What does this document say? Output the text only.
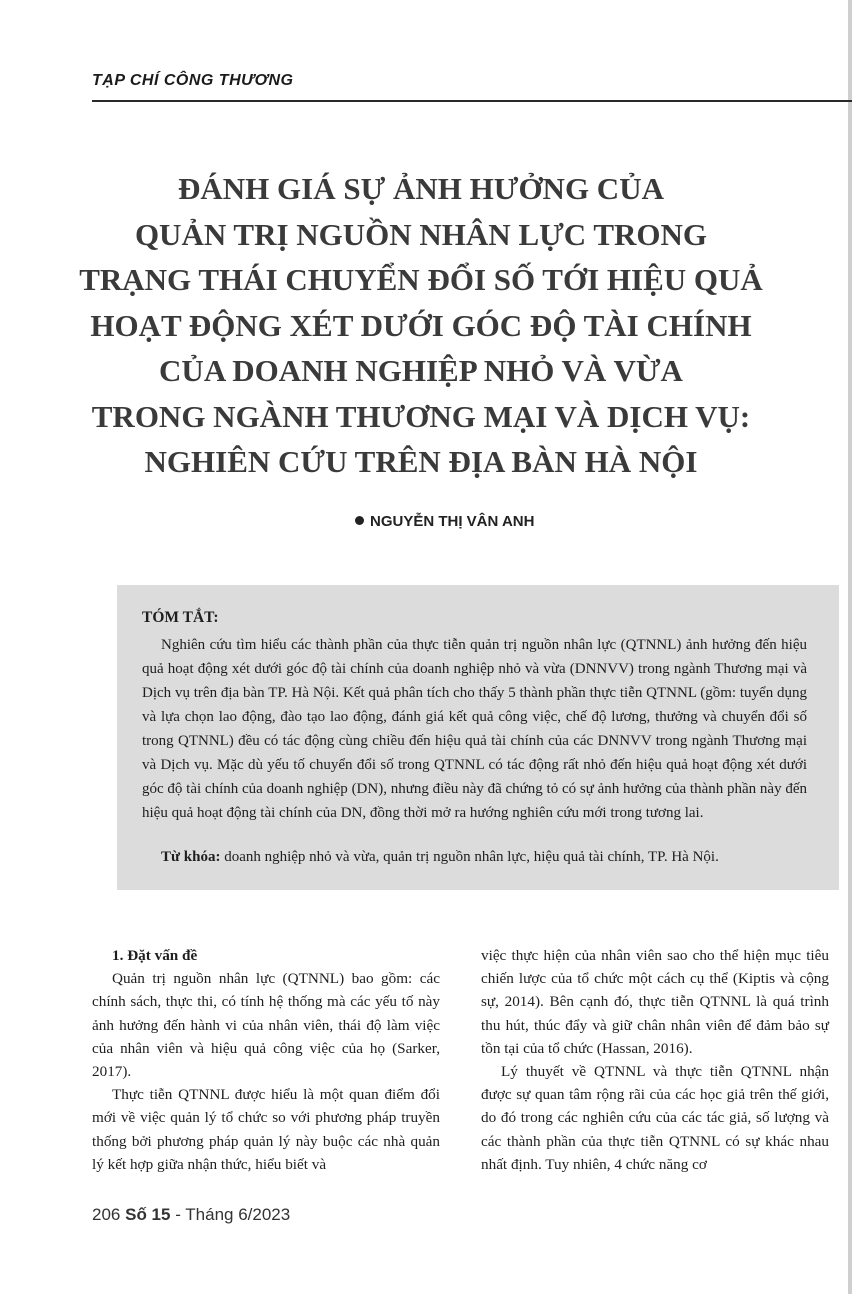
TẠP CHÍ CÔNG THƯƠNG
ĐÁNH GIÁ SỰ ẢNH HƯỞNG CỦA
QUẢN TRỊ NGUỒN NHÂN LỰC TRONG
TRẠNG THÁI CHUYỂN ĐỔI SỐ TỚI HIỆU QUẢ
HOẠT ĐỘNG XÉT DƯỚI GÓC ĐỘ TÀI CHÍNH
CỦA DOANH NGHIỆP NHỎ VÀ VỪA
TRONG NGÀNH THƯƠNG MẠI VÀ DỊCH VỤ:
NGHIÊN CỨU TRÊN ĐỊA BÀN HÀ NỘI
NGUYỄN THỊ VÂN ANH
TÓM TẮT:

Nghiên cứu tìm hiểu các thành phần của thực tiễn quản trị nguồn nhân lực (QTNNL) ảnh hưởng đến hiệu quả hoạt động xét dưới góc độ tài chính của doanh nghiệp nhỏ và vừa (DNNVV) trong ngành Thương mại và Dịch vụ trên địa bàn TP. Hà Nội. Kết quả phân tích cho thấy 5 thành phần thực tiễn QTNNL (gồm: tuyển dụng và lựa chọn lao động, đào tạo lao động, đánh giá kết quả công việc, chế độ lương, thưởng và chuyển đổi số trong QTNNL) đều có tác động cùng chiều đến hiệu quả tài chính của các DNNVV trong ngành Thương mại và Dịch vụ. Mặc dù yếu tố chuyển đổi số trong QTNNL có tác động rất nhỏ đến hiệu quả hoạt động xét dưới góc độ tài chính của doanh nghiệp (DN), nhưng điều này đã chứng tỏ có sự ảnh hưởng của thành phần này đến hiệu quả hoạt động tài chính của DN, đồng thời mở ra hướng nghiên cứu mới trong tương lai.

Từ khóa: doanh nghiệp nhỏ và vừa, quản trị nguồn nhân lực, hiệu quả tài chính, TP. Hà Nội.

1. Đặt vấn đề

Quản trị nguồn nhân lực (QTNNL) bao gồm: các chính sách, thực thi, có tính hệ thống mà các yếu tố này ảnh hưởng đến hành vi của nhân viên, thái độ làm việc của nhân viên và hiệu quả công việc của họ (Sarker, 2017).

Thực tiễn QTNNL được hiểu là một quan điểm đổi mới về việc quản lý tổ chức so với phương pháp truyền thống bởi phương pháp quản lý này buộc các nhà quản lý kết hợp giữa nhận thức, hiểu biết và

việc thực hiện của nhân viên sao cho thể hiện mục tiêu chiến lược của tổ chức một cách cụ thể (Kiptis và cộng sự, 2014). Bên cạnh đó, thực tiễn QTNNL là quá trình thu hút, thúc đẩy và giữ chân nhân viên để đảm bảo sự tồn tại của tổ chức (Hassan, 2016).

Lý thuyết về QTNNL và thực tiễn QTNNL nhận được sự quan tâm rộng rãi của các học giả trên thế giới, do đó trong các nghiên cứu của các tác giả, số lượng và các thành phần của thực tiễn QTNNL có sự khác nhau nhất định. Tuy nhiên, 4 chức năng cơ

206 Số 15 - Tháng 6/2023
